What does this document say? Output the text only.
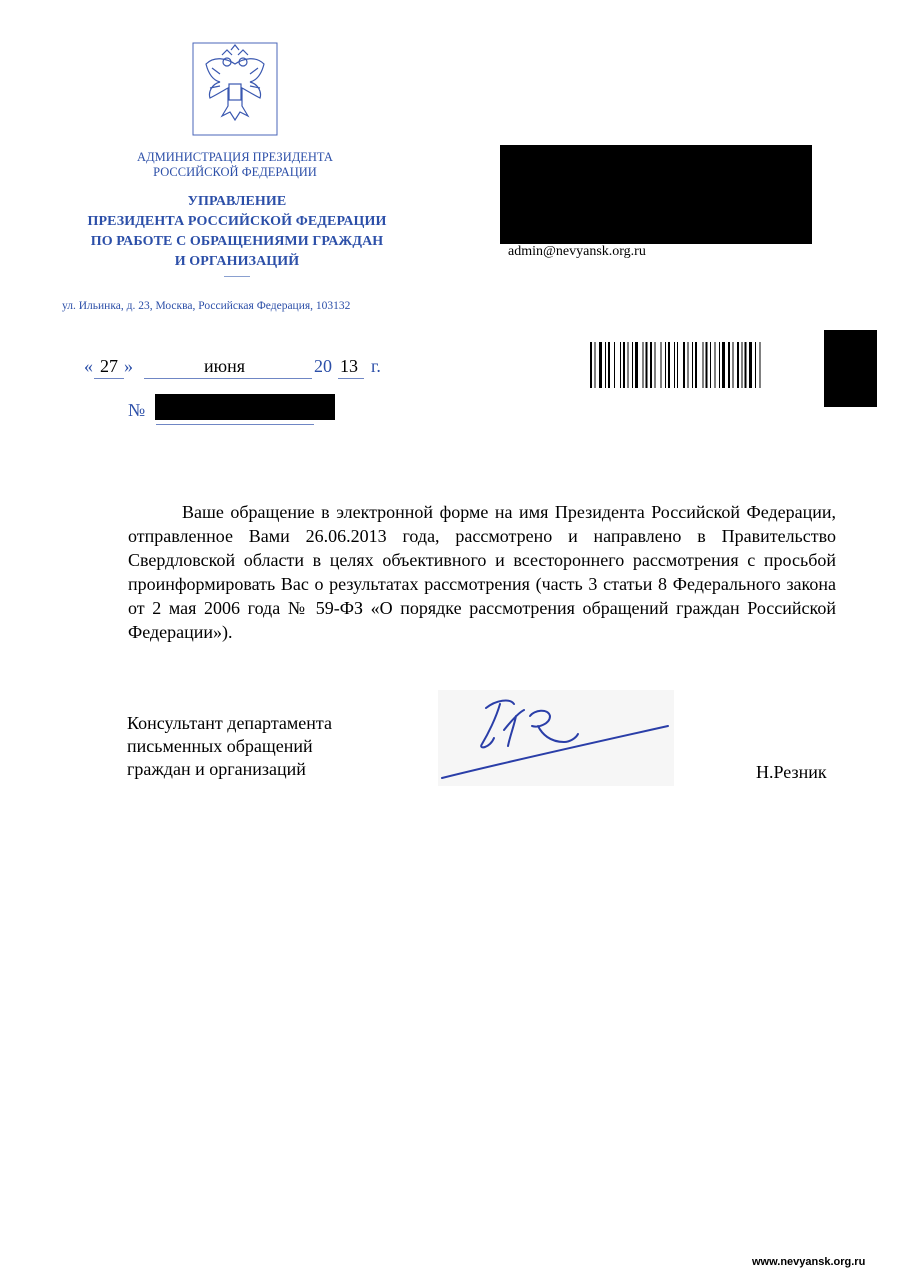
АДМИНИСТРАЦИЯ ПРЕЗИДЕНТА
РОССИЙСКОЙ ФЕДЕРАЦИИ
УПРАВЛЕНИЕ
ПРЕЗИДЕНТА РОССИЙСКОЙ ФЕДЕРАЦИИ
ПО РАБОТЕ С ОБРАЩЕНИЯМИ ГРАЖДАН
И ОРГАНИЗАЦИЙ
ул. Ильинка, д. 23, Москва, Российская Федерация, 103132
admin@nevyansk.org.ru
« 27 »	июня	20 13 г.
№

Ваше обращение в электронной форме на имя Президента Российской Федерации, отправленное Вами 26.06.2013 года, рассмотрено и направлено в Правительство Свердловской области в целях объективного и всестороннего рассмотрения с просьбой проинформировать Вас о результатах рассмотрения (часть 3 статьи 8 Федерального закона от 2 мая 2006 года № 59-ФЗ «О порядке рассмотрения обращений граждан Российской Федерации»).

Консультант департамента
письменных обращений
граждан и организаций	Н.Резник
www.nevyansk.org.ru
